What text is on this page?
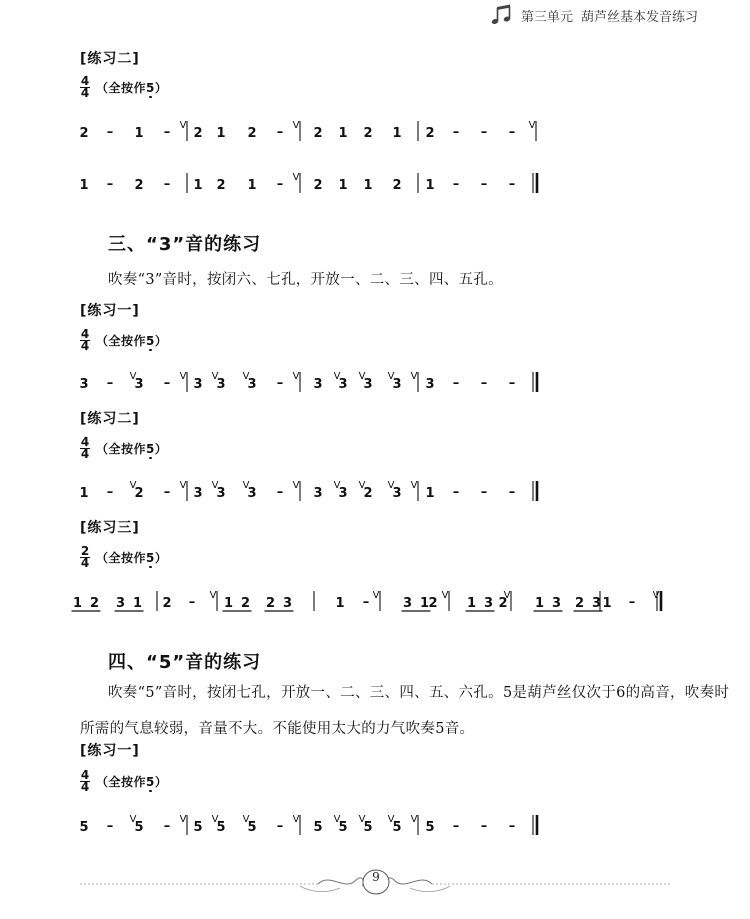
第三单元 葫芦丝基本发音练习
[练习二]
$\frac{4}{4}$ （全按作5）
三、“3”音的练习
吹奏“3”音时，按闭六、七孔，开放一、二、三、四、五孔。
[练习一]
$\frac{4}{4}$ （全按作5）
[练习二]
$\frac{4}{4}$ （全按作5）
[练习三]
$\frac{2}{4}$ （全按作5）
四、“5”音的练习
吹奏“5”音时，按闭七孔，开放一、二、三、四、五、六孔。5是葫芦丝仅次于6的高音，吹奏时
所需的气息较弱，音量不大。不能使用太大的力气吹奏5音。
[练习一]
$\frac{4}{4}$ （全按作5）
2 – 1 – V
2 1 2 – V
2 1 2 1 2 – – – V
1 – 2 – 1 2 1 – V
2 1 1 2 1 – – –
3 – V
3 – V
3
V
3
V
3 – V
3
V
3
V
3
V
3
V
3 – – –
1 – V
2 – V
3
V
3
V
3 – V
3
V
3
V
2
V
3
V
1 – – –
1 2 3 1 2 – V
1 2 2 3	1 – V
3 1 2
V
1 3 2
V
1 3 2 3 1 – V
5 – V
5 – V
5
V
5
V
5 – V
5
V
5
V
5
V
5
V
5 – – –
9
